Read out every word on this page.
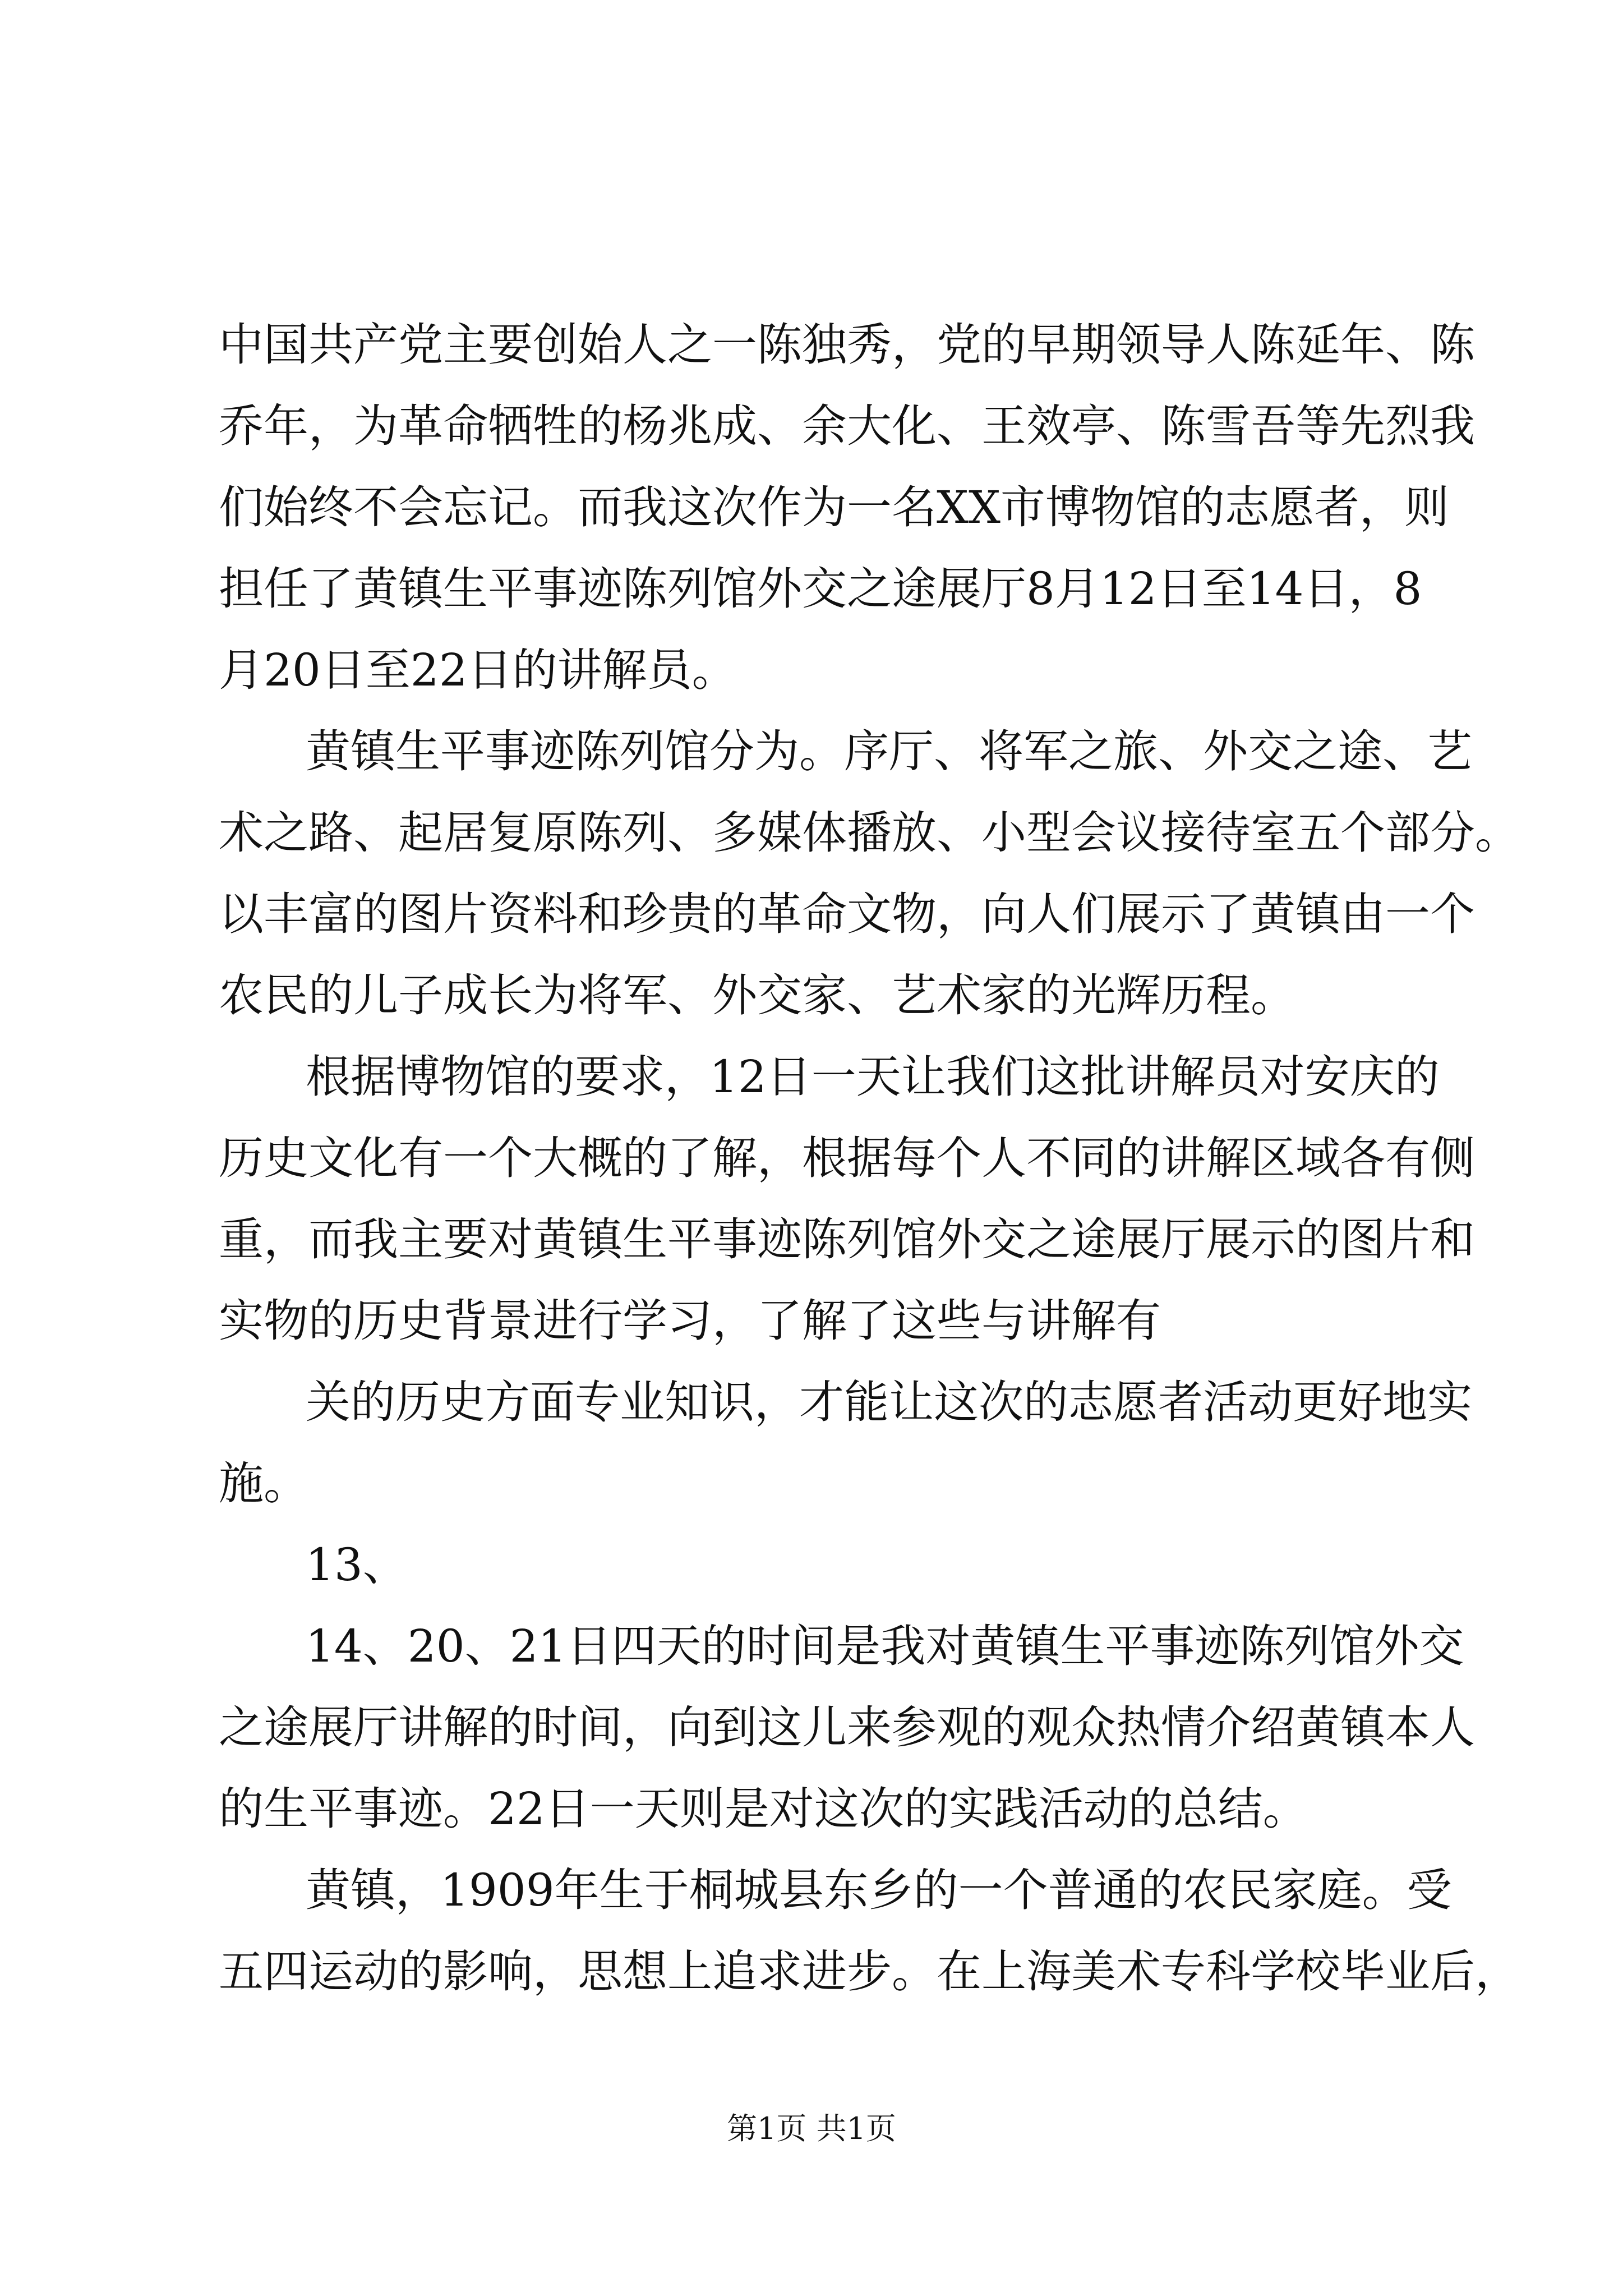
中国共产党主要创始人之一陈独秀，党的早期领导人陈延年、陈
乔年，为革命牺牲的杨兆成、余大化、王效亭、陈雪吾等先烈我
们始终不会忘记。而我这次作为一名XX市博物馆的志愿者，则
担任了黄镇生平事迹陈列馆外交之途展厅8月12日至14日，8
月20日至22日的讲解员。
黄镇生平事迹陈列馆分为。序厅、将军之旅、外交之途、艺
术之路、起居复原陈列、多媒体播放、小型会议接待室五个部分。
以丰富的图片资料和珍贵的革命文物，向人们展示了黄镇由一个
农民的儿子成长为将军、外交家、艺术家的光辉历程。
根据博物馆的要求，12日一天让我们这批讲解员对安庆的
历史文化有一个大概的了解，根据每个人不同的讲解区域各有侧
重，而我主要对黄镇生平事迹陈列馆外交之途展厅展示的图片和
实物的历史背景进行学习，了解了这些与讲解有
关的历史方面专业知识，才能让这次的志愿者活动更好地实
施。
13、
14、20、21日四天的时间是我对黄镇生平事迹陈列馆外交
之途展厅讲解的时间，向到这儿来参观的观众热情介绍黄镇本人
的生平事迹。22日一天则是对这次的实践活动的总结。
黄镇，1909年生于桐城县东乡的一个普通的农民家庭。受
五四运动的影响，思想上追求进步。在上海美术专科学校毕业后，
第1页 共1页
